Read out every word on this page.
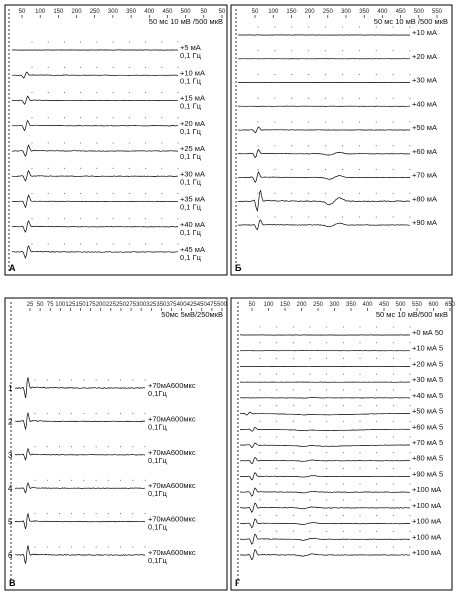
50 100 150 200 250 300 350 400 450 500 50 50
50 мс 10 мВ /500 мкВ
+5 мА
0,1 Гц
+10 мА
0,1 Гц
+15 мА
0,1 Гц
+20 мА
0,1 Гц
+25 мА
0,1 Гц
+30 мА
0,1 Гц
+35 мА
0,1 Гц
+40 мА
0,1 Гц
+45 мА
0,1 Гц
А
50 100 150 200 250 300 350 400 450 500 550
50 мс 10 мВ /500 мкВ
+10 мА
+20 мА
+30 мА
+40 мА
+50 мА
+60 мА
+70 мА
+80 мА
+90 мА
Б
25 50 75 100 125 150 175 200 225 250 275 300 325 350 375 400 425 450 475 500
50мс 5мВ/250мкВ
+70мА600мкс
0,1Гц
1
+70мА600мкс
0,1Гц
2
+70мА600мкс
0,1Гц
3
+70мА600мкс
0,1Гц
4
+70мА600мкс
0,1Гц
5
+70мА600мкс
0,1Гц
6
В
50 100 150 200 250 300 350 400 450 500 550 600 650
50 мс 10 мВ/500 мкВ
+0 мА 50
+10 мА 5
+20 мА 5
+30 мА 5
+40 мА 5
+50 мА 5
+60 мА 5
+70 мА 5
+80 мА 5
+90 мА 5
+100 мА
+100 мА
+100 мА
+100 мА
+100 мА
Г
